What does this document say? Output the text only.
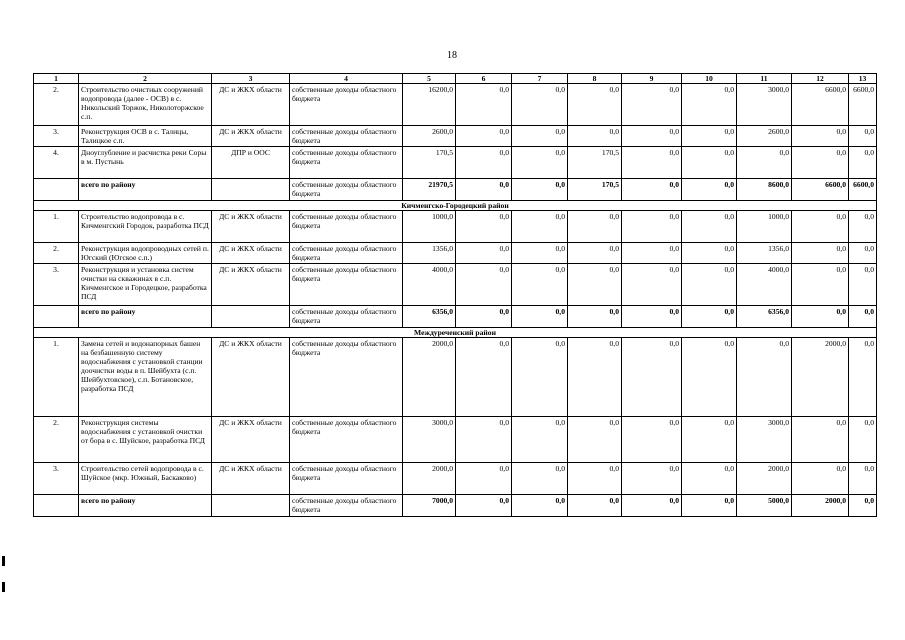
18
1	2	3	4	5	6	7	8	9	10	11	12	13
2.	Строительство очистных сооружений водопровода (далее - ОСВ) в с. Никольский Торжок, Николоторжское с.п.	ДС и ЖКХ области	собственные доходы областного бюджета	16200,0	0,0	0,0	0,0	0,0	0,0	3000,0	6600,0	6600,0
3.	Реконструкция ОСВ в с. Талицы, Талицкое с.п.	ДС и ЖКХ области	собственные доходы областного бюджета	2600,0	0,0	0,0	0,0	0,0	0,0	2600,0	0,0	0,0
4.	Дноуглубление и расчистка реки Соры в м. Пустынь	ДПР и ООС	собственные доходы областного бюджета	170,5	0,0	0,0	170,5	0,0	0,0	0,0	0,0	0,0
	всего по району		собственные доходы областного бюджета	21970,5	0,0	0,0	170,5	0,0	0,0	8600,0	6600,0	6600,0
Кичменгско-Городецкий район												
1.	Строительство водопровода в с. Кичменгский Городок, разработка ПСД	ДС и ЖКХ области	собственные доходы областного бюджета	1000,0	0,0	0,0	0,0	0,0	0,0	1000,0	0,0	0,0
2.	Реконструкция водопроводных сетей п. Югский (Югское с.п.)	ДС и ЖКХ области	собственные доходы областного бюджета	1356,0	0,0	0,0	0,0	0,0	0,0	1356,0	0,0	0,0
3.	Реконструкция и установка систем очистки на скважинах в с.п. Кичменгское и Городецкое, разработка ПСД	ДС и ЖКХ области	собственные доходы областного бюджета	4000,0	0,0	0,0	0,0	0,0	0,0	4000,0	0,0	0,0
	всего по району		собственные доходы областного бюджета	6356,0	0,0	0,0	0,0	0,0	0,0	6356,0	0,0	0,0
Междуреченский район												
1.	Замена сетей и водонапорных башен на безбашенную систему водоснабжения с установкой станции доочистки воды в п. Шейбухта (с.п. Шейбухтовское), с.п. Ботановское, разработка ПСД	ДС и ЖКХ области	собственные доходы областного бюджета	2000,0	0,0	0,0	0,0	0,0	0,0	0,0	2000,0	0,0
2.	Реконструкция системы водоснабжения с установкой очистки от бора в с. Шуйское, разработка ПСД	ДС и ЖКХ области	собственные доходы областного бюджета	3000,0	0,0	0,0	0,0	0,0	0,0	3000,0	0,0	0,0
3.	Строительство сетей водопровода в с. Шуйское (мкр. Южный, Баскаково)	ДС и ЖКХ области	собственные доходы областного бюджета	2000,0	0,0	0,0	0,0	0,0	0,0	2000,0	0,0	0,0
	всего по району		собственные доходы областного бюджета	7000,0	0,0	0,0	0,0	0,0	0,0	5000,0	2000,0	0,0
